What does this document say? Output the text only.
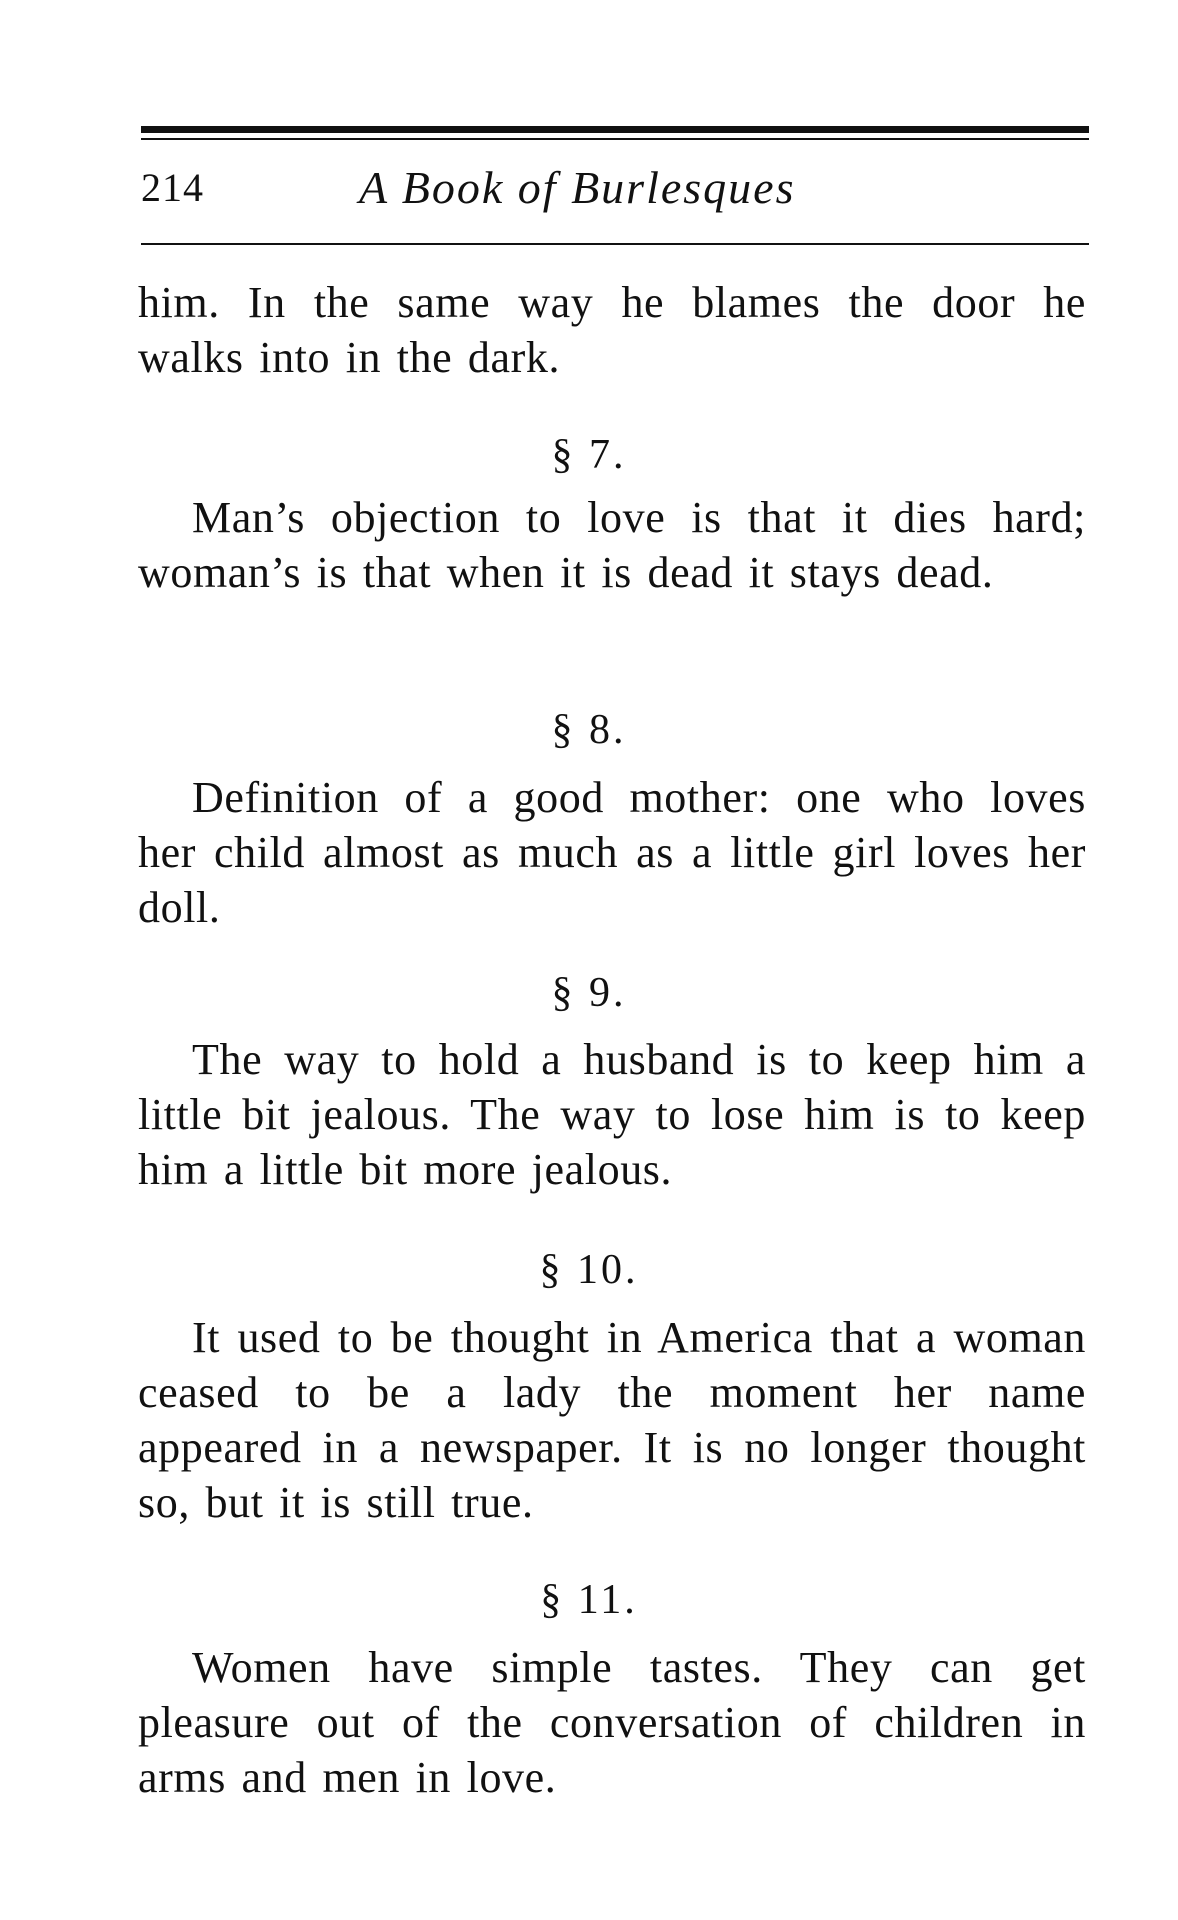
214	A Book of Burlesques

him. In the same way he blames the door he walks into in the dark.

§ 7.

Man’s objection to love is that it dies hard; woman’s is that when it is dead it stays dead.

§ 8.

Definition of a good mother: one who loves her child almost as much as a little girl loves her doll.

§ 9.

The way to hold a husband is to keep him a little bit jealous. The way to lose him is to keep him a little bit more jealous.

§ 10.

It used to be thought in America that a woman ceased to be a lady the moment her name appeared in a newspaper. It is no longer thought so, but it is still true.

§ 11.

Women have simple tastes. They can get pleasure out of the conversation of children in arms and men in love.
